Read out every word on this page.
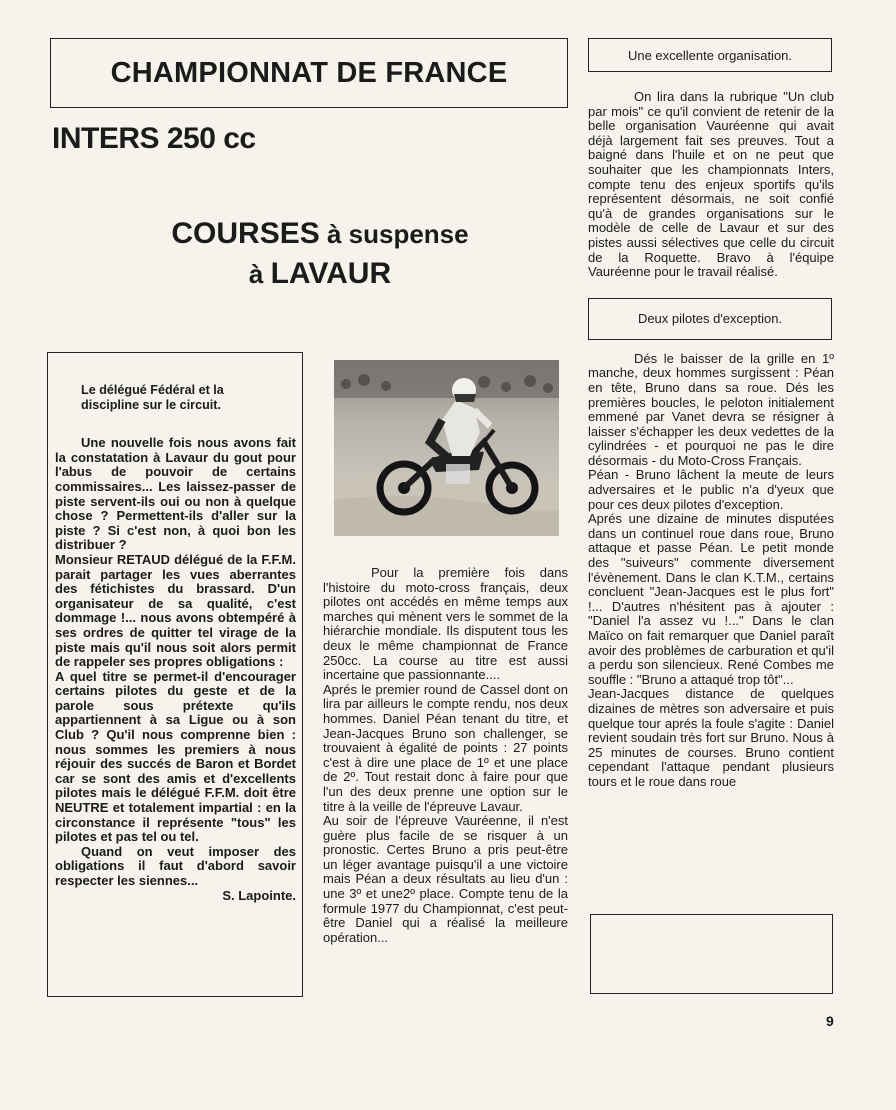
CHAMPIONNAT DE FRANCE
INTERS 250 cc
COURSES à suspense
à LAVAUR
Le délégué Fédéral et la discipline sur le circuit.

Une nouvelle fois nous avons fait la constatation à Lavaur du gout pour l'abus de pouvoir de certains commissaires... Les laissez-passer de piste servent-ils oui ou non à quelque chose ? Permettent-ils d'aller sur la piste ? Si c'est non, à quoi bon les distribuer ?

Monsieur RETAUD délégué de la F.F.M. parait partager les vues aberrantes des fétichistes du brassard. D'un organisateur de sa qualité, c'est dommage !... nous avons obtempéré à ses ordres de quitter tel virage de la piste mais qu'il nous soit alors permit de rappeler ses propres obligations :

A quel titre se permet-il d'encourager certains pilotes du geste et de la parole sous prétexte qu'ils appartiennent à sa Ligue ou à son Club ? Qu'il nous comprenne bien : nous sommes les premiers à nous réjouir des succés de Baron et Bordet car se sont des amis et d'excellents pilotes mais le délégué F.F.M. doit être NEUTRE et totalement impartial : en la circonstance il représente "tous" les pilotes et pas tel ou tel.

Quand on veut imposer des obligations il faut d'abord savoir respecter les siennes...

S. Lapointe.

Pour la première fois dans l'histoire du moto-cross français, deux pilotes ont accédés en même temps aux marches qui mènent vers le sommet de la hiérarchie mondiale. Ils disputent tous les deux le même championnat de France 250cc. La course au titre est aussi incertaine que passionnante....

Aprés le premier round de Cassel dont on lira par ailleurs le compte rendu, nos deux hommes. Daniel Péan tenant du titre, et Jean-Jacques Bruno son challenger, se trouvaient à égalité de points : 27 points c'est à dire une place de 1º et une place de 2º. Tout restait donc à faire pour que l'un des deux prenne une option sur le titre à la veille de l'épreuve Lavaur.

Au soir de l'épreuve Vauréenne, il n'est guère plus facile de se risquer à un pronostic. Certes Bruno a pris peut-être un léger avantage puisqu'il a une victoire mais Péan a deux résultats au lieu d'un : une 3º et une2º place. Compte tenu de la formule 1977 du Championnat, c'est peut-être Daniel qui a réalisé la meilleure opération...

Une excellente organisation.

On lira dans la rubrique "Un club par mois" ce qu'il convient de retenir de la belle organisation Vauréenne qui avait déjà largement fait ses preuves. Tout a baigné dans l'huile et on ne peut que souhaiter que les championnats Inters, compte tenu des enjeux sportifs qu'ils représentent désormais, ne soit confié qu'à de grandes organisations sur le modèle de celle de Lavaur et sur des pistes aussi sélectives que celle du circuit de la Roquette. Bravo à l'équipe Vauréenne pour le travail réalisé.

Deux pilotes d'exception.

Dés le baisser de la grille en 1º manche, deux hommes surgissent : Péan en tête, Bruno dans sa roue. Dés les premières boucles, le peloton initialement emmené par Vanet devra se résigner à laisser s'échapper les deux vedettes de la cylindrées - et pourquoi ne pas le dire désormais - du Moto-Cross Français.

Péan - Bruno lâchent la meute de leurs adversaires et le public n'a d'yeux que pour ces deux pilotes d'exception.

Aprés une dizaine de minutes disputées dans un continuel roue dans roue, Bruno attaque et passe Péan. Le petit monde des "suiveurs" commente diversement l'évènement. Dans le clan K.T.M., certains concluent "Jean-Jacques est le plus fort" !... D'autres n'hésitent pas à ajouter : "Daniel l'a assez vu !..." Dans le clan Maïco on fait remarquer que Daniel paraît avoir des problèmes de carburation et qu'il a perdu son silencieux. René Combes me souffle : "Bruno a attaqué trop tôt"...

Jean-Jacques distance de quelques dizaines de mètres son adversaire et puis quelque tour aprés la foule s'agite : Daniel revient soudain très fort sur Bruno. Nous à 25 minutes de courses. Bruno contient cependant l'attaque pendant plusieurs tours et le roue dans roue

9
